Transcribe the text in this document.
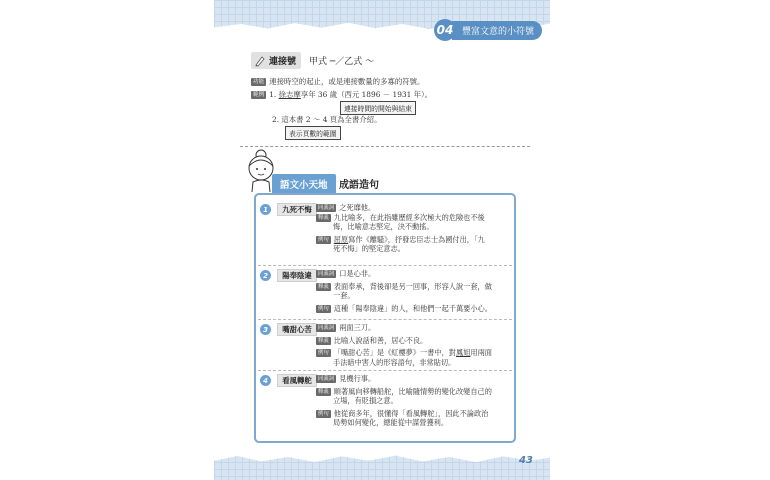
04 豐富文意的小符號
連接號 甲式 ─／乙式 ～
功能 連接時空的起止，或是連接數量的多寡的符號。
範例 1. 徐志摩享年 36 歲（西元 1896 － 1931 年）。
連接時間的開始與結束
2. 這本書 2 ～ 4 頁為全書介紹。
表示頁數的範圍
語文小天地	成語造句
1	九死不悔	同義詞 之死靡他。
釋義 九比喻多，在此指雖歷經多次極大的危險也不後
悔，比喻意志堅定，決不動搖。
例句 屈原寫作《離騷》，抒發忠臣志士為國付出，「九
死不悔」的堅定意志。
2	陽奉陰違	同義詞 口是心非。
釋義 表面奉承，背後卻是另一回事，形容人說一套，做
一套。
例句 這種「陽奉陰違」的人，和他們一起千萬要小心。
3	嘴甜心苦	同義詞 兩面三刀。
釋義 比喻人說話和善，居心不良。
例句 「嘴甜心苦」是《紅樓夢》一書中，對鳳姐用兩面
手法暗中害人的形容語句，非常貼切。
4	看風轉舵	同義詞 見機行事。
釋義 順著風向移轉船舵，比喻隨情勢的變化改變自己的
立場，有貶損之意。
例句 他從商多年，很懂得「看風轉舵」，因此不論政治
局勢如何變化，總能從中謀營獲利。
43
